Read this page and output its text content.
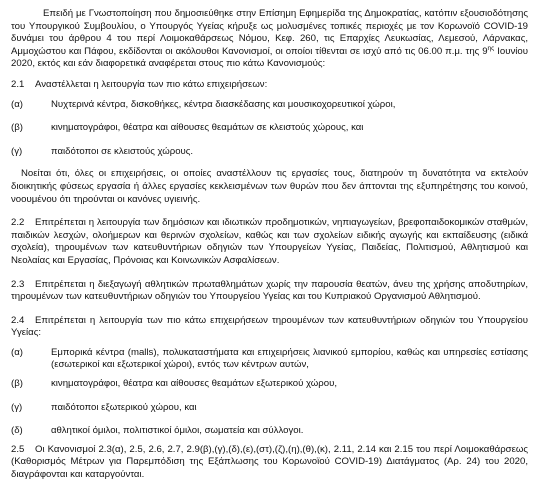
Επειδή με Γνωστοποίηση που δημοσιεύθηκε στην Επίσημη Εφημερίδα της Δημοκρατίας, κατόπιν εξουσιοδότησης του Υπουργικού Συμβουλίου, ο Υπουργός Υγείας κήρυξε ως μολυσμένες τοπικές περιοχές με τον Κορωνοϊό COVID-19 δυνάμει του άρθρου 4 του περί Λοιμοκαθάρσεως Νόμου, Κεφ. 260, τις Επαρχίες Λευκωσίας, Λεμεσού, Λάρνακας, Αμμοχώστου και Πάφου, εκδίδονται οι ακόλουθοι Κανονισμοί, οι οποίοι τίθενται σε ισχύ από τις 06.00 π.μ. της $9^{\eta\varsigma}$ Ιουνίου 2020, εκτός και εάν διαφορετικά αναφέρεται στους πιο κάτω Κανονισμούς:

2.1 Αναστέλλεται η λειτουργία των πιο κάτω επιχειρήσεων:

(α)	Νυχτερινά κέντρα, δισκοθήκες, κέντρα διασκέδασης και μουσικοχορευτικοί χώροι,
(β)	κινηματογράφοι, θέατρα και αίθουσες θεαμάτων σε κλειστούς χώρους, και
(γ)	παιδότοποι σε κλειστούς χώρους.

Νοείται ότι, όλες οι επιχειρήσεις, οι οποίες αναστέλλουν τις εργασίες τους, διατηρούν τη δυνατότητα να εκτελούν διοικητικής φύσεως εργασία ή άλλες εργασίες κεκλεισμένων των θυρών που δεν άπτονται της εξυπηρέτησης του κοινού, νοουμένου ότι τηρούνται οι κανόνες υγιεινής.

2.2 Επιτρέπεται η λειτουργία των δημόσιων και ιδιωτικών προδημοτικών, νηπιαγωγείων, βρεφοπαιδοκομικών σταθμών, παιδικών λεσχών, ολοήμερων και θερινών σχολείων, καθώς και των σχολείων ειδικής αγωγής και εκπαίδευσης (ειδικά σχολεία), τηρουμένων των κατευθυντήριων οδηγιών των Υπουργείων Υγείας, Παιδείας, Πολιτισμού, Αθλητισμού και Νεολαίας και Εργασίας, Πρόνοιας και Κοινωνικών Ασφαλίσεων.

2.3 Επιτρέπεται η διεξαγωγή αθλητικών πρωταθλημάτων χωρίς την παρουσία θεατών, άνευ της χρήσης αποδυτηρίων, τηρουμένων των κατευθυντήριων οδηγιών του Υπουργείου Υγείας και του Κυπριακού Οργανισμού Αθλητισμού.

2.4 Επιτρέπεται η λειτουργία των πιο κάτω επιχειρήσεων τηρουμένων των κατευθυντήριων οδηγιών του Υπουργείου Υγείας:

(α)	Εμπορικά κέντρα (malls), πολυκαταστήματα και επιχειρήσεις λιανικού εμπορίου, καθώς και υπηρεσίες εστίασης (εσωτερικοί και εξωτερικοί χώροι), εντός των κέντρων αυτών,
(β)	κινηματογράφοι, θέατρα και αίθουσες θεαμάτων εξωτερικού χώρου,
(γ)	παιδότοποι εξωτερικού χώρου, και
(δ)	αθλητικοί όμιλοι, πολιτιστικοί όμιλοι, σωματεία και σύλλογοι.

2.5 Οι Κανονισμοί 2.3(α), 2.5, 2.6, 2.7, 2.9(β),(γ),(δ),(ε),(στ),(ζ),(η),(θ),(κ), 2.11, 2.14 και 2.15 του περί Λοιμοκαθάρσεως (Καθορισμός Μέτρων για Παρεμπόδιση της Εξάπλωσης του Κορωνοϊού COVID-19) Διατάγματος (Αρ. 24) του 2020, διαγράφονται και καταργούνται.
